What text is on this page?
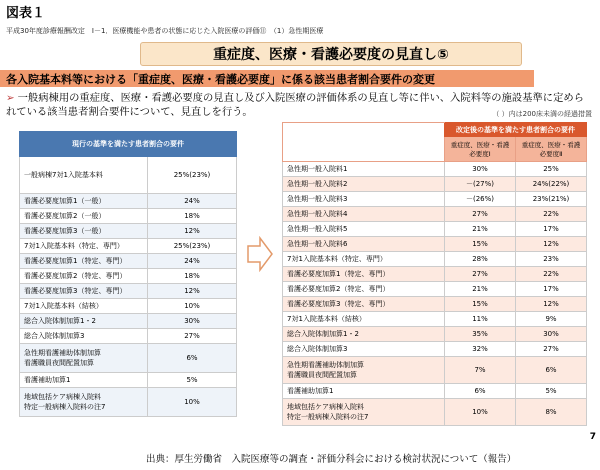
図表１
平成30年度診療報酬改定　Ⅰ－1．医療機能や患者の状態に応じた入院医療の評価⑪　（1）急性期医療
重症度、医療・看護必要度の見直し⑤
各入院基本料等における「重症度、医療・看護必要度」に係る該当患者割合要件の変更
➢ 一般病棟用の重症度、医療・看護必要度の見直し及び入院医療の評価体系の見直し等に伴い、入院料等の施設基準に定められている該当患者割合要件について、見直しを行う。	（ ）内は200床未満の経過措置
現行の基準を満たす患者割合の要件	
一般病棟7対1入院基本料	25%(23%)
看護必要度加算1（一般）	24%
看護必要度加算2（一般）	18%
看護必要度加算3（一般）	12%
7対1入院基本料（特定、専門）	25%(23%)
看護必要度加算1（特定、専門）	24%
看護必要度加算2（特定、専門）	18%
看護必要度加算3（特定、専門）	12%
7対1入院基本料（結核）	10%
総合入院体制加算1・2	30%
総合入院体制加算3	27%
急性期看護補助体制加算
看護職員夜間配置加算	6%
看護補助加算1	5%
地域包括ケア病棟入院料
特定一般病棟入院料の注7	10%
	改定後の基準を満たす患者割合の要件	
	重症度、医療・看護
必要度Ⅰ	重症度、医療・看護
必要度Ⅱ
急性期一般入院料1	30%	25%
急性期一般入院料2	－(27%)	24%(22%)
急性期一般入院料3	－(26%)	23%(21%)
急性期一般入院料4	27%	22%
急性期一般入院料5	21%	17%
急性期一般入院料6	15%	12%
7対1入院基本料（特定、専門）	28%	23%
看護必要度加算1（特定、専門）	27%	22%
看護必要度加算2（特定、専門）	21%	17%
看護必要度加算3（特定、専門）	15%	12%
7対1入院基本料（結核）	11%	9%
総合入院体制加算1・2	35%	30%
総合入院体制加算3	32%	27%
急性期看護補助体制加算
看護職員夜間配置加算	7%	6%
看護補助加算1	6%	5%
地域包括ケア病棟入院料
特定一般病棟入院料の注7	10%	8%
7
出典：厚生労働省　入院医療等の調査・評価分科会における検討状況について（報告）
